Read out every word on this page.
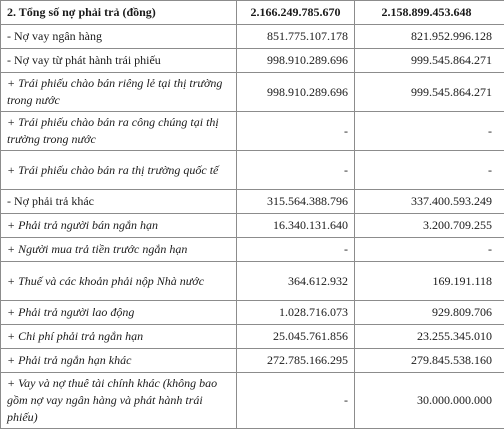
2. Tổng số nợ phải trả (đồng)	2.166.249.785.670	2.158.899.453.648
- Nợ vay ngân hàng	851.775.107.178	821.952.996.128
- Nợ vay từ phát hành trái phiếu	998.910.289.696	999.545.864.271
+ Trái phiếu chào bán riêng lẻ tại thị trường trong nước	998.910.289.696	999.545.864.271
+ Trái phiếu chào bán ra công chúng tại thị trường trong nước	-	-
+ Trái phiếu chào bán ra thị trường quốc tế	-	-
- Nợ phải trả khác	315.564.388.796	337.400.593.249
+ Phải trả người bán ngắn hạn	16.340.131.640	3.200.709.255
+ Người mua trả tiền trước ngắn hạn	-	-
+ Thuế và các khoản phải nộp Nhà nước	364.612.932	169.191.118
+ Phải trả người lao động	1.028.716.073	929.809.706
+ Chi phí phải trả ngắn hạn	25.045.761.856	23.255.345.010
+ Phải trả ngắn hạn khác	272.785.166.295	279.845.538.160
+ Vay và nợ thuê tài chính khác (không bao gồm nợ vay ngân hàng và phát hành trái phiếu)	-	30.000.000.000
